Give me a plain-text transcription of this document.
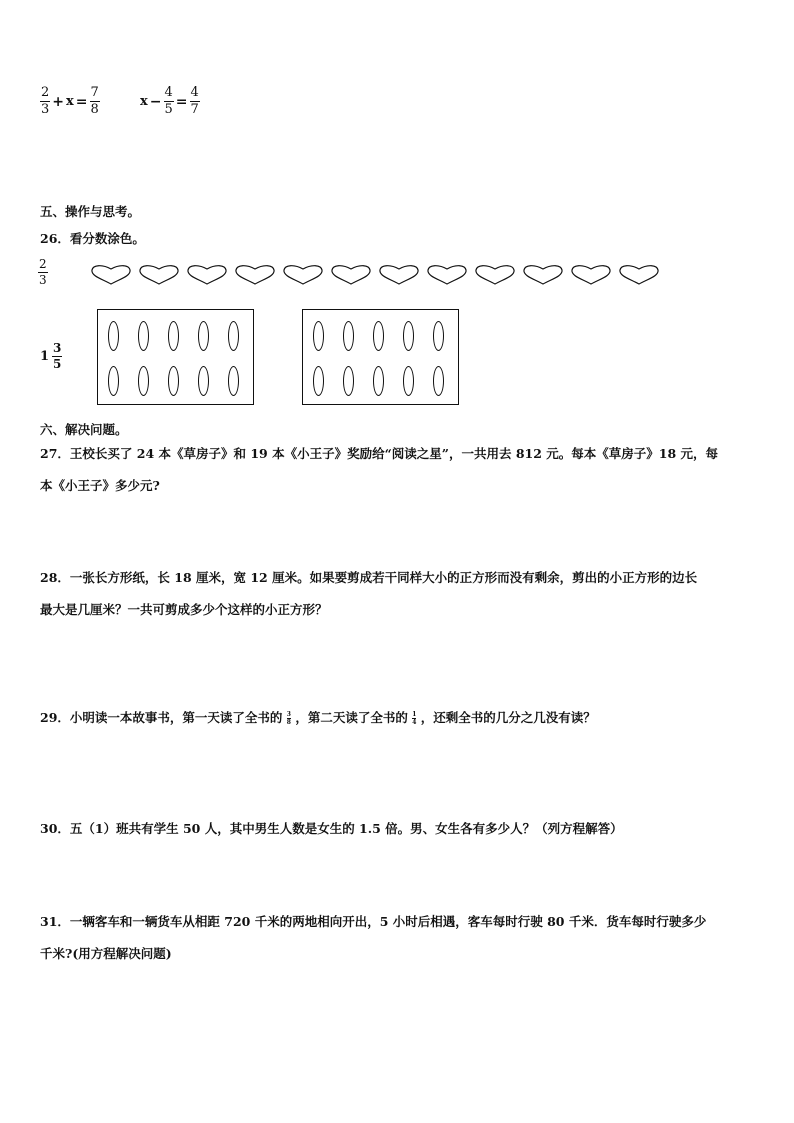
$\frac{2}{3} + x = \frac{7}{8}$	$x - \frac{4}{5} = \frac{4}{7}$
五、操作与思考。
26．看分数涂色。
2
3
$1 \frac{3}{5}$
六、解决问题。
27．王校长买了 24 本《草房子》和 19 本《小王子》奖励给“阅读之星”，一共用去 812 元。每本《草房子》18 元，每
本《小王子》多少元?
28．一张长方形纸，长 18 厘米，宽 12 厘米。如果要剪成若干同样大小的正方形而没有剩余，剪出的小正方形的边长
最大是几厘米？一共可剪成多少个这样的小正方形？
29．小明读一本故事书，第一天读了全书的 $\frac{3}{8}$ ，第二天读了全书的 $\frac{1}{4}$ ，还剩全书的几分之几没有读？
30．五（1）班共有学生 50 人，其中男生人数是女生的 1.5 倍。男、女生各有多少人？（列方程解答）
31．一辆客车和一辆货车从相距 720 千米的两地相向开出，5 小时后相遇，客车每时行驶 80 千米．货车每时行驶多少
千米?(用方程解决问题)
